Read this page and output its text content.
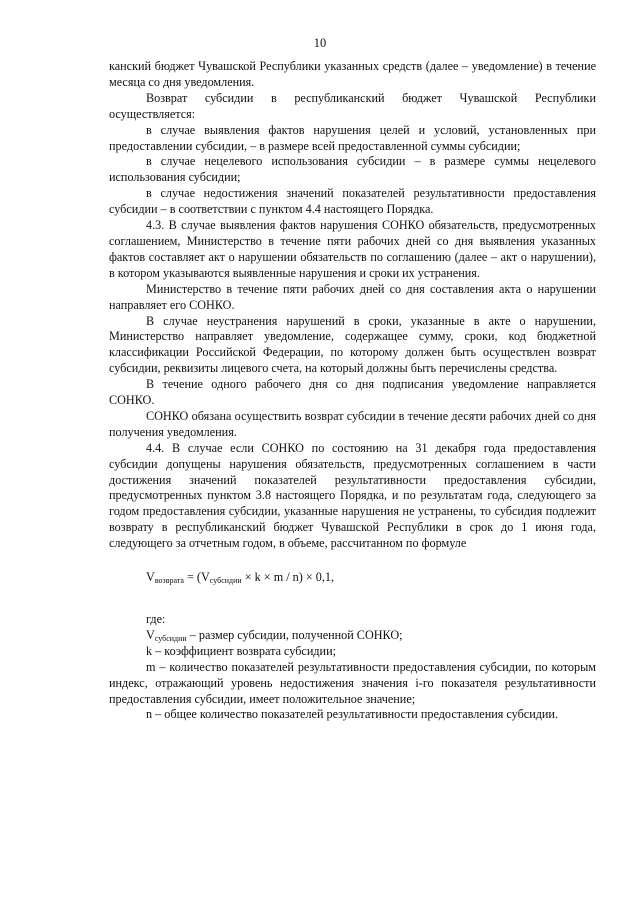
10

канский бюджет Чувашской Республики указанных средств (далее – уведомление) в течение месяца со дня уведомления.

Возврат субсидии в республиканский бюджет Чувашской Республики осуществляется:

в случае выявления фактов нарушения целей и условий, установленных при предоставлении субсидии, – в размере всей предоставленной суммы субсидии;

в случае нецелевого использования субсидии – в размере суммы нецелевого использования субсидии;

в случае недостижения значений показателей результативности предоставления субсидии – в соответствии с пунктом 4.4 настоящего Порядка.

4.3. В случае выявления фактов нарушения СОНКО обязательств, предусмотренных соглашением, Министерство в течение пяти рабочих дней со дня выявления указанных фактов составляет акт о нарушении обязательств по соглашению (далее – акт о нарушении), в котором указываются выявленные нарушения и сроки их устранения.

Министерство в течение пяти рабочих дней со дня составления акта о нарушении направляет его СОНКО.

В случае неустранения нарушений в сроки, указанные в акте о нарушении, Министерство направляет уведомление, содержащее сумму, сроки, код бюджетной классификации Российской Федерации, по которому должен быть осуществлен возврат субсидии, реквизиты лицевого счета, на который должны быть перечислены средства.

В течение одного рабочего дня со дня подписания уведомление направляется СОНКО.

СОНКО обязана осуществить возврат субсидии в течение десяти рабочих дней со дня получения уведомления.

4.4. В случае если СОНКО по состоянию на 31 декабря года предоставления субсидии допущены нарушения обязательств, предусмотренных соглашением в части достижения значений показателей результативности предоставления субсидии, предусмотренных пунктом 3.8 настоящего Порядка, и по результатам года, следующего за годом предоставления субсидии, указанные нарушения не устранены, то субсидия подлежит возврату в республиканский бюджет Чувашской Республики в срок до 1 июня года, следующего за отчетным годом, в объеме, рассчитанном по формуле

$V_{возврата} = (V_{субсидии} \times k \times m / n) \times 0,1$,

где:

$V_{субсидии}$ – размер субсидии, полученной СОНКО;

k – коэффициент возврата субсидии;

m – количество показателей результативности предоставления субсидии, по которым индекс, отражающий уровень недостижения значения i-го показателя результативности предоставления субсидии, имеет положительное значение;

n – общее количество показателей результативности предоставления субсидии.
